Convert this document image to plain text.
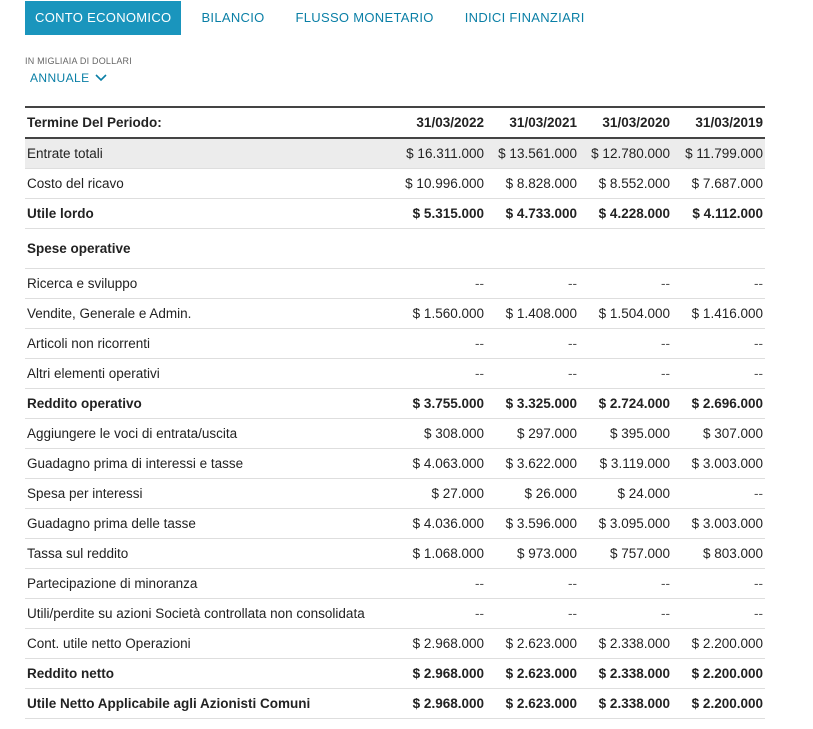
CONTO ECONOMICO	BILANCIO	FLUSSO MONETARIO	INDICI FINANZIARI
IN MIGLIAIA DI DOLLARI
ANNUALE
Termine Del Periodo:	31/03/2022	31/03/2021	31/03/2020	31/03/2019
Entrate totali	$ 16.311.000	$ 13.561.000	$ 12.780.000	$ 11.799.000
Costo del ricavo	$ 10.996.000	$ 8.828.000	$ 8.552.000	$ 7.687.000
Utile lordo	$ 5.315.000	$ 4.733.000	$ 4.228.000	$ 4.112.000
Spese operative				
Ricerca e sviluppo	--	--	--	--
Vendite, Generale e Admin.	$ 1.560.000	$ 1.408.000	$ 1.504.000	$ 1.416.000
Articoli non ricorrenti	--	--	--	--
Altri elementi operativi	--	--	--	--
Reddito operativo	$ 3.755.000	$ 3.325.000	$ 2.724.000	$ 2.696.000
Aggiungere le voci di entrata/uscita	$ 308.000	$ 297.000	$ 395.000	$ 307.000
Guadagno prima di interessi e tasse	$ 4.063.000	$ 3.622.000	$ 3.119.000	$ 3.003.000
Spesa per interessi	$ 27.000	$ 26.000	$ 24.000	--
Guadagno prima delle tasse	$ 4.036.000	$ 3.596.000	$ 3.095.000	$ 3.003.000
Tassa sul reddito	$ 1.068.000	$ 973.000	$ 757.000	$ 803.000
Partecipazione di minoranza	--	--	--	--
Utili/perdite su azioni Società controllata non consolidata	--	--	--	--
Cont. utile netto Operazioni	$ 2.968.000	$ 2.623.000	$ 2.338.000	$ 2.200.000
Reddito netto	$ 2.968.000	$ 2.623.000	$ 2.338.000	$ 2.200.000
Utile Netto Applicabile agli Azionisti Comuni	$ 2.968.000	$ 2.623.000	$ 2.338.000	$ 2.200.000
